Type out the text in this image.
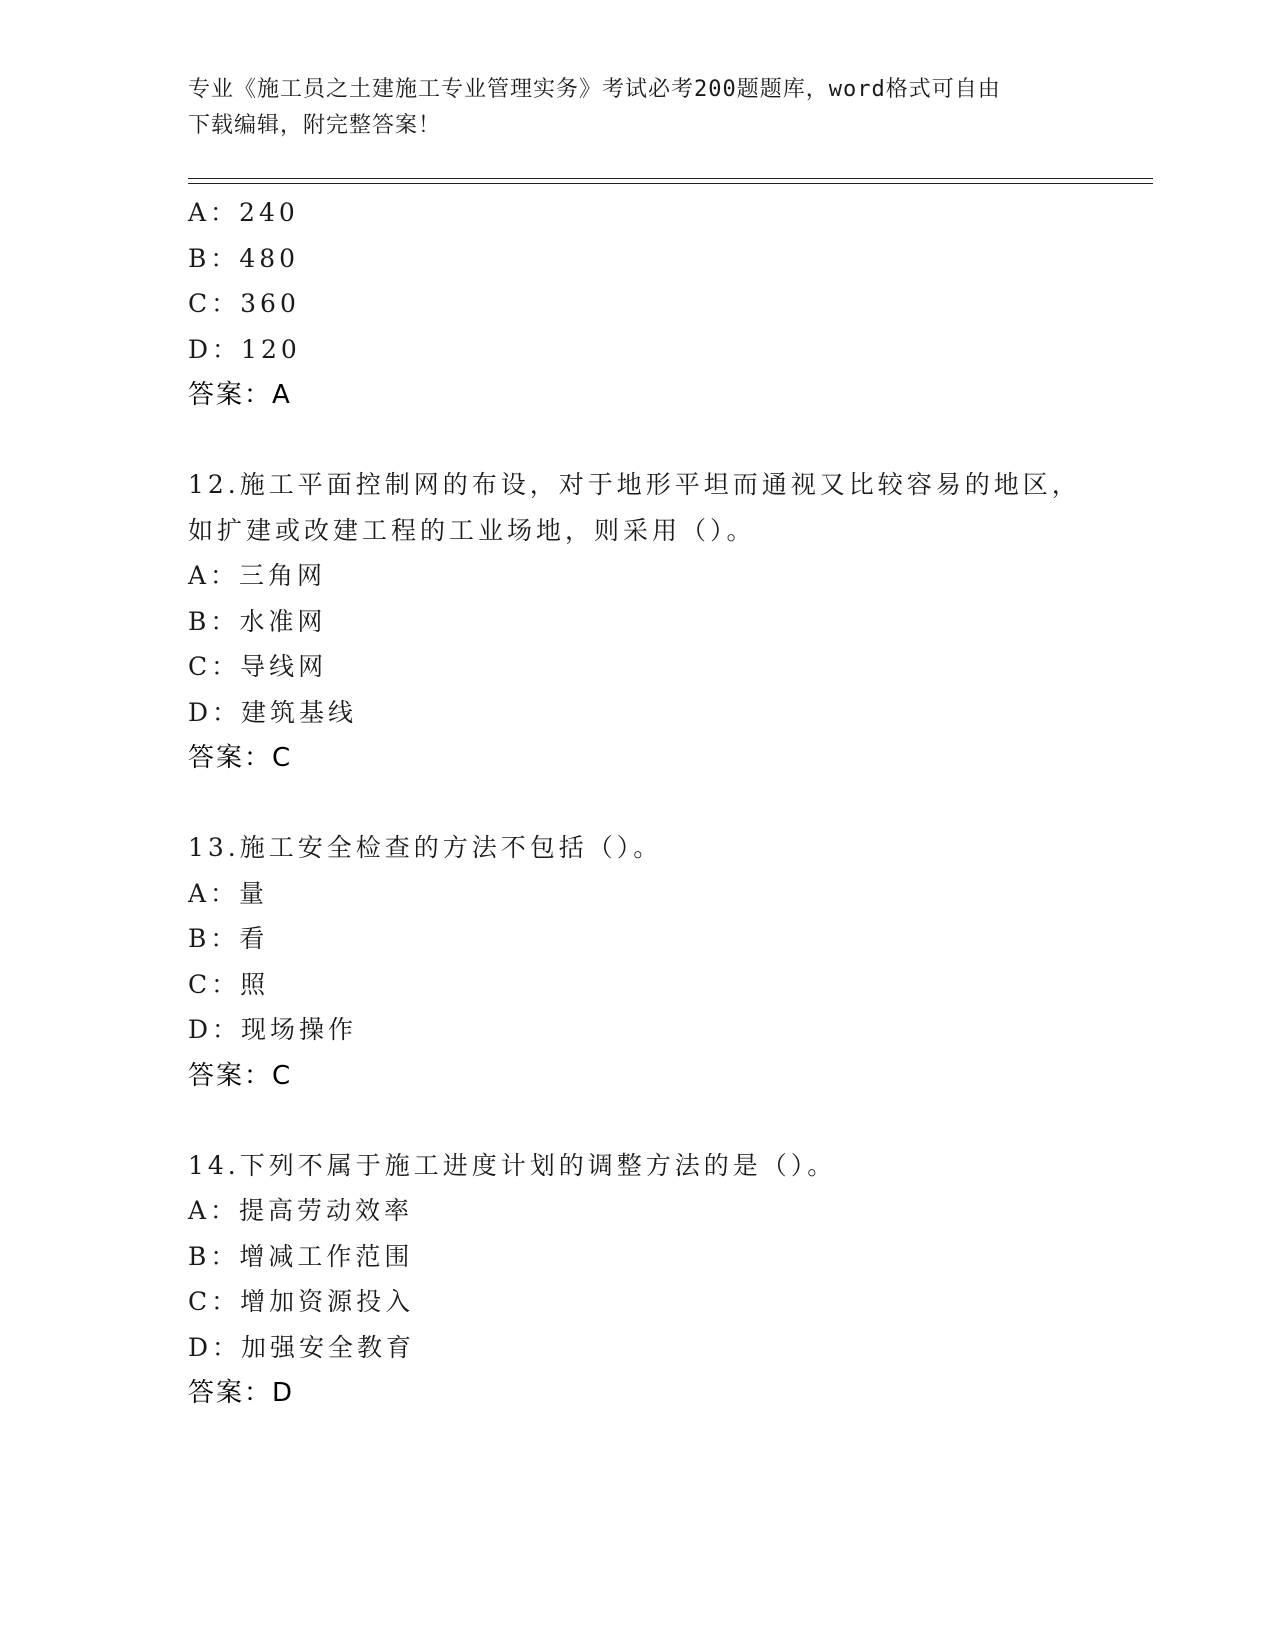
专业《施工员之土建施工专业管理实务》考试必考200题题库，word格式可自由
下载编辑，附完整答案！
A：240
B：480
C：360
D：120
答案：A
12.施工平面控制网的布设，对于地形平坦而通视又比较容易的地区，
如扩建或改建工程的工业场地，则采用（）。
A：三角网
B：水准网
C：导线网
D：建筑基线
答案：C
13.施工安全检查的方法不包括（）。
A：量
B：看
C：照
D：现场操作
答案：C
14.下列不属于施工进度计划的调整方法的是（）。
A：提高劳动效率
B：增减工作范围
C：增加资源投入
D：加强安全教育
答案：D
